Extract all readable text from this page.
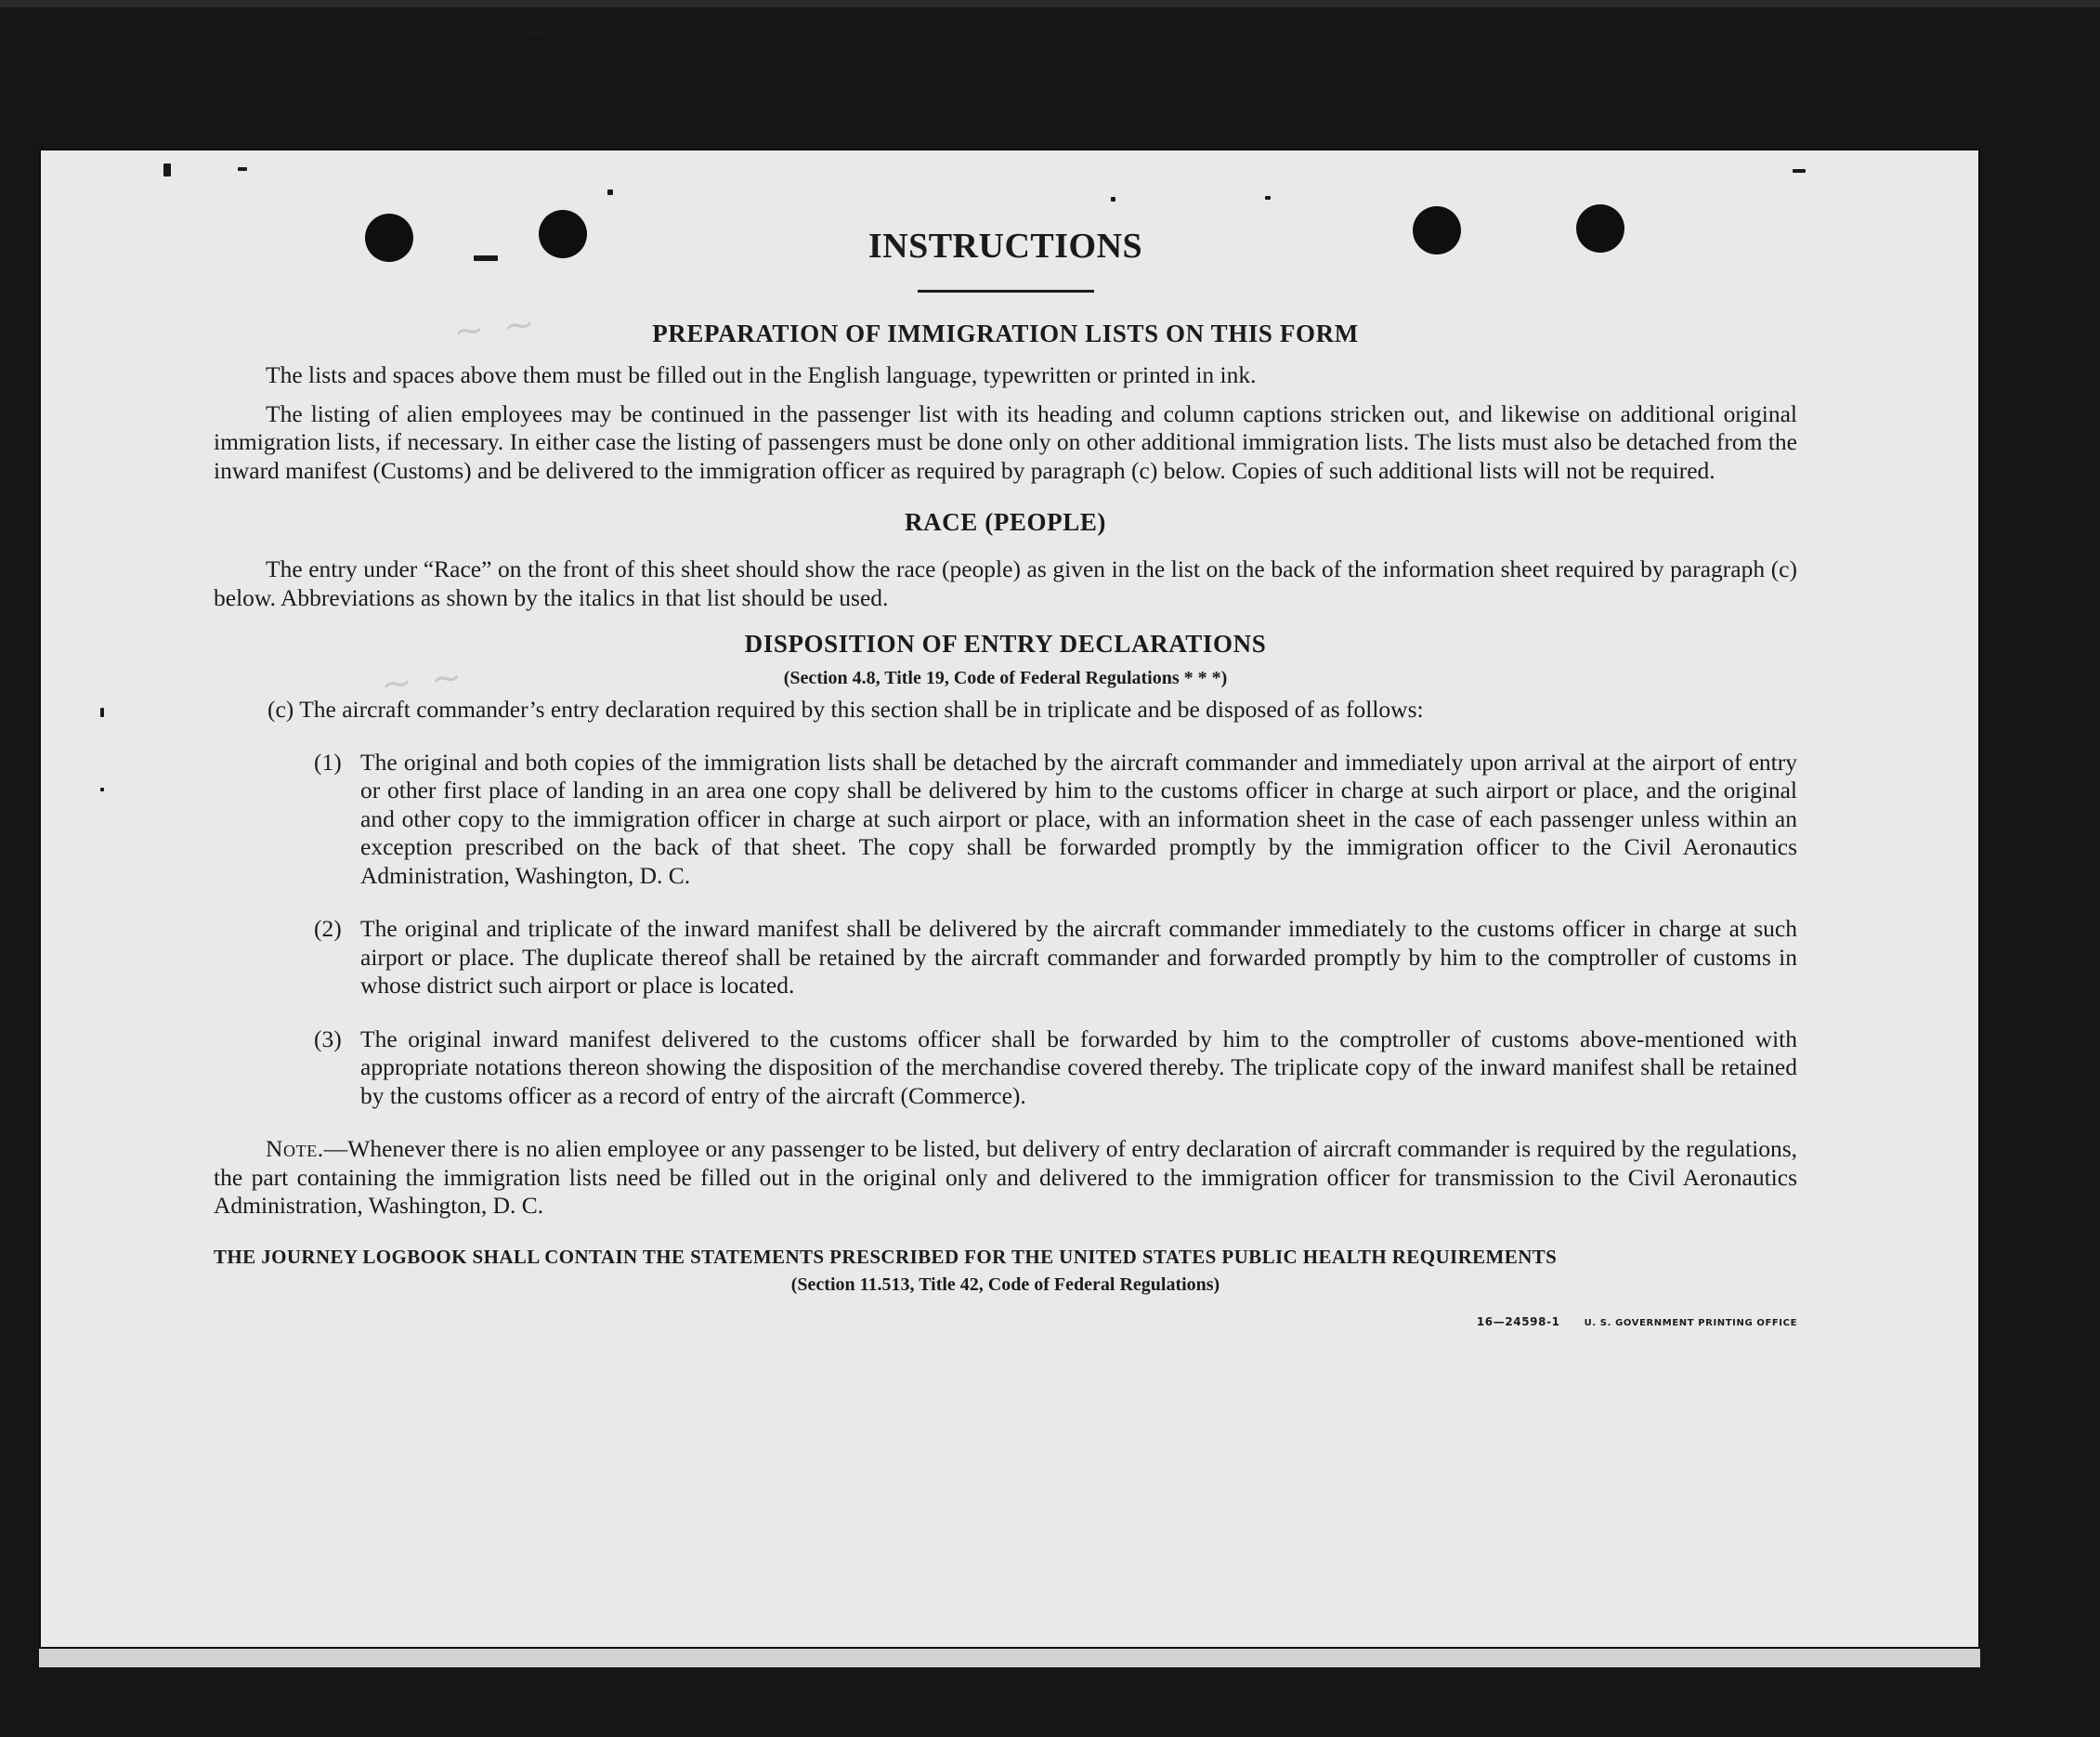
~ ~
~ ~
INSTRUCTIONS
PREPARATION OF IMMIGRATION LISTS ON THIS FORM

The lists and spaces above them must be filled out in the English language, typewritten or printed in ink.

The listing of alien employees may be continued in the passenger list with its heading and column captions stricken out, and likewise on additional original immigration lists, if necessary. In either case the listing of passengers must be done only on other additional immigration lists. The lists must also be detached from the inward manifest (Customs) and be delivered to the immigration officer as required by paragraph (c) below. Copies of such additional lists will not be required.

RACE (PEOPLE)

The entry under “Race” on the front of this sheet should show the race (people) as given in the list on the back of the information sheet required by paragraph (c) below. Abbreviations as shown by the italics in that list should be used.

DISPOSITION OF ENTRY DECLARATIONS

(Section 4.8, Title 19, Code of Federal Regulations * * *)

(c) The aircraft commander’s entry declaration required by this section shall be in triplicate and be disposed of as follows:

(1) The original and both copies of the immigration lists shall be detached by the aircraft commander and immediately upon arrival at the airport of entry or other first place of landing in an area one copy shall be delivered by him to the customs officer in charge at such airport or place, and the original and other copy to the immigration officer in charge at such airport or place, with an information sheet in the case of each passenger unless within an exception prescribed on the back of that sheet. The copy shall be forwarded promptly by the immigration officer to the Civil Aeronautics Administration, Washington, D. C.
(2) The original and triplicate of the inward manifest shall be delivered by the aircraft commander immediately to the customs officer in charge at such airport or place. The duplicate thereof shall be retained by the aircraft commander and forwarded promptly by him to the comptroller of customs in whose district such airport or place is located.
(3) The original inward manifest delivered to the customs officer shall be forwarded by him to the comptroller of customs above-mentioned with appropriate notations thereon showing the disposition of the merchandise covered thereby. The triplicate copy of the inward manifest shall be retained by the customs officer as a record of entry of the aircraft (Commerce).

Note.—Whenever there is no alien employee or any passenger to be listed, but delivery of entry declaration of aircraft commander is required by the regulations, the part containing the immigration lists need be filled out in the original only and delivered to the immigration officer for transmission to the Civil Aeronautics Administration, Washington, D. C.

THE JOURNEY LOGBOOK SHALL CONTAIN THE STATEMENTS PRESCRIBED FOR THE UNITED STATES PUBLIC HEALTH REQUIREMENTS

(Section 11.513, Title 42, Code of Federal Regulations)

16—24598-1	U. S. GOVERNMENT PRINTING OFFICE
